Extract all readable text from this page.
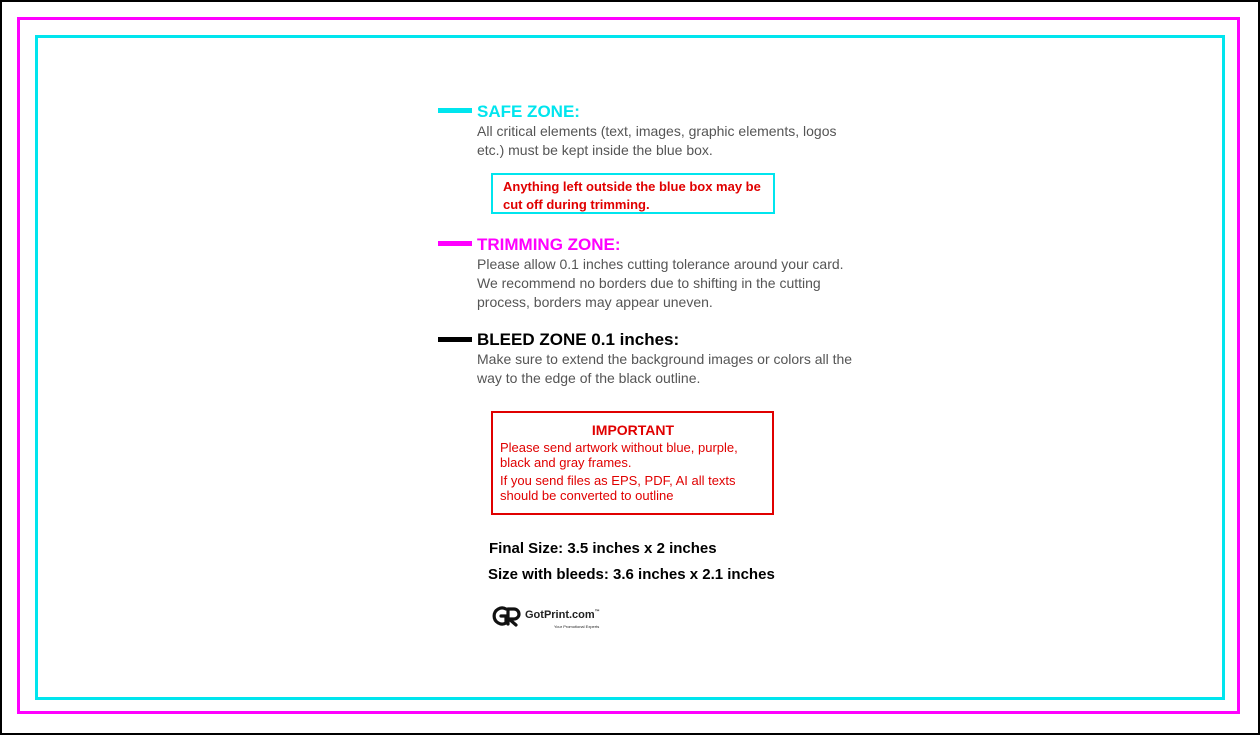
SAFE ZONE:

All critical elements (text, images, graphic elements, logos etc.) must be kept inside the blue box.

Anything left outside the blue box may be cut off during trimming.
TRIMMING ZONE:

Please allow 0.1 inches cutting tolerance around your card. We recommend no borders due to shifting in the cutting process, borders may appear uneven.

BLEED ZONE 0.1 inches:

Make sure to extend the background images or colors all the way to the edge of the black outline.

IMPORTANT
Please send artwork without blue, purple, black and gray frames.
If you send files as EPS, PDF, AI all texts should be converted to outline
Final Size: 3.5 inches x 2 inches
Size with bleeds: 3.6 inches x 2.1 inches
GotPrint.com™
Your Promotional Experts
